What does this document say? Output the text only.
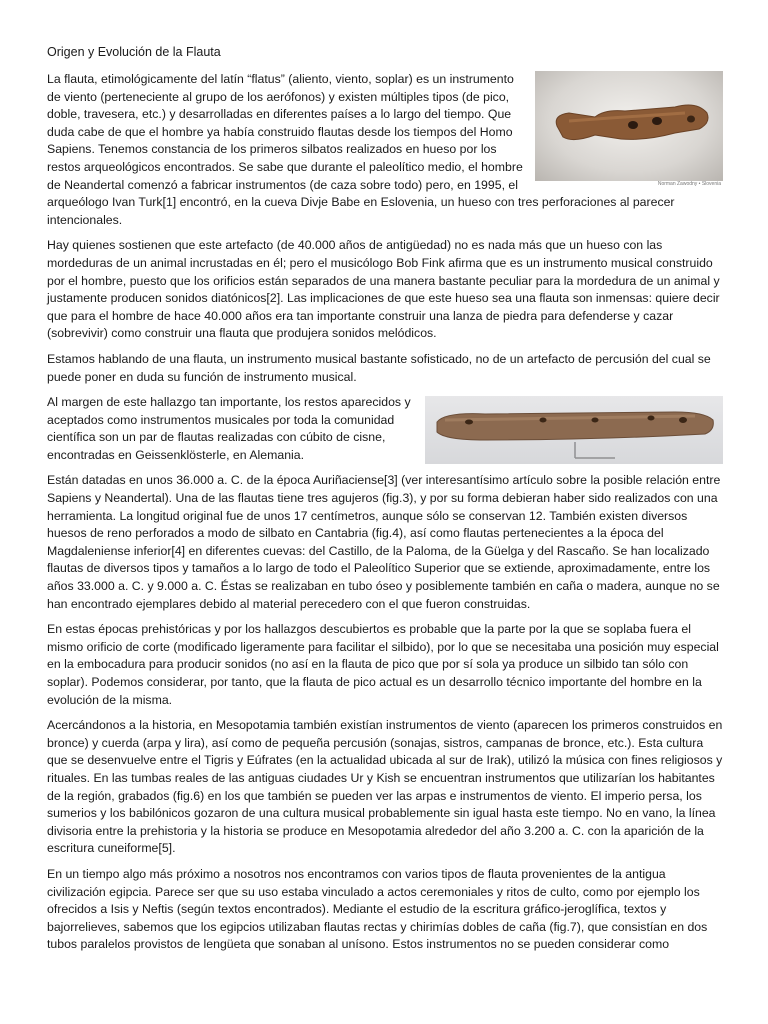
Origen y Evolución de la Flauta
Norman Zawodny • Slovenia

La flauta, etimológicamente del latín “flatus” (aliento, viento, soplar) es un instrumento de viento (perteneciente al grupo de los aerófonos) y existen múltiples tipos (de pico, doble, travesera, etc.) y desarrolladas en diferentes países a lo largo del tiempo. Que duda cabe de que el hombre ya había construido flautas desde los tiempos del Homo Sapiens. Tenemos constancia de los primeros silbatos realizados en hueso por los restos arqueológicos encontrados. Se sabe que durante el paleolítico medio, el hombre de Neandertal comenzó a fabricar instrumentos (de caza sobre todo) pero, en 1995, el arqueólogo Ivan Turk[1] encontró, en la cueva Divje Babe en Eslovenia, un hueso con tres perforaciones al parecer intencionales.

Hay quienes sostienen que este artefacto (de 40.000 años de antigüedad) no es nada más que un hueso con las mordeduras de un animal incrustadas en él; pero el musicólogo Bob Fink afirma que es un instrumento musical construido por el hombre, puesto que los orificios están separados de una manera bastante peculiar para la mordedura de un animal y justamente producen sonidos diatónicos[2]. Las implicaciones de que este hueso sea una flauta son inmensas: quiere decir que para el hombre de hace 40.000 años era tan importante construir una lanza de piedra para defenderse y cazar (sobrevivir) como construir una flauta que produjera sonidos melódicos.

Estamos hablando de una flauta, un instrumento musical bastante sofisticado, no de un artefacto de percusión del cual se puede poner en duda su función de instrumento musical.

Al margen de este hallazgo tan importante, los restos aparecidos y aceptados como instrumentos musicales por toda la comunidad científica son un par de flautas realizadas con cúbito de cisne, encontradas en Geissenklösterle, en Alemania.

Están datadas en unos 36.000 a. C. de la época Auriñaciense[3] (ver interesantísimo artículo sobre la posible relación entre Sapiens y Neandertal). Una de las flautas tiene tres agujeros (fig.3), y por su forma debieran haber sido realizados con una herramienta. La longitud original fue de unos 17 centímetros, aunque sólo se conservan 12. También existen diversos huesos de reno perforados a modo de silbato en Cantabria (fig.4), así como flautas pertenecientes a la época del Magdaleniense inferior[4] en diferentes cuevas: del Castillo, de la Paloma, de la Güelga y del Rascaño. Se han localizado flautas de diversos tipos y tamaños a lo largo de todo el Paleolítico Superior que se extiende, aproximadamente, entre los años 33.000 a. C. y 9.000 a. C. Éstas se realizaban en tubo óseo y posiblemente también en caña o madera, aunque no se han encontrado ejemplares debido al material perecedero con el que fueron construidas.

En estas épocas prehistóricas y por los hallazgos descubiertos es probable que la parte por la que se soplaba fuera el mismo orificio de corte (modificado ligeramente para facilitar el silbido), por lo que se necesitaba una posición muy especial en la embocadura para producir sonidos (no así en la flauta de pico que por sí sola ya produce un silbido tan sólo con soplar). Podemos considerar, por tanto, que la flauta de pico actual es un desarrollo técnico importante del hombre en la evolución de la misma.

Acercándonos a la historia, en Mesopotamia también existían instrumentos de viento (aparecen los primeros construidos en bronce) y cuerda (arpa y lira), así como de pequeña percusión (sonajas, sistros, campanas de bronce, etc.). Esta cultura que se desenvuelve entre el Tigris y Eúfrates (en la actualidad ubicada al sur de Irak), utilizó la música con fines religiosos y rituales. En las tumbas reales de las antiguas ciudades Ur y Kish se encuentran instrumentos que utilizarían los habitantes de la región, grabados (fig.6) en los que también se pueden ver las arpas e instrumentos de viento. El imperio persa, los sumerios y los babilónicos gozaron de una cultura musical probablemente sin igual hasta este tiempo. No en vano, la línea divisoria entre la prehistoria y la historia se produce en Mesopotamia alrededor del año 3.200 a. C. con la aparición de la escritura cuneiforme[5].

En un tiempo algo más próximo a nosotros nos encontramos con varios tipos de flauta provenientes de la antigua civilización egipcia. Parece ser que su uso estaba vinculado a actos ceremoniales y ritos de culto, como por ejemplo los ofrecidos a Isis y Neftis (según textos encontrados). Mediante el estudio de la escritura gráfico-jeroglífica, textos y bajorrelieves, sabemos que los egipcios utilizaban flautas rectas y chirimías dobles de caña (fig.7), que consistían en dos tubos paralelos provistos de lengüeta que sonaban al unísono. Estos instrumentos no se pueden considerar como
